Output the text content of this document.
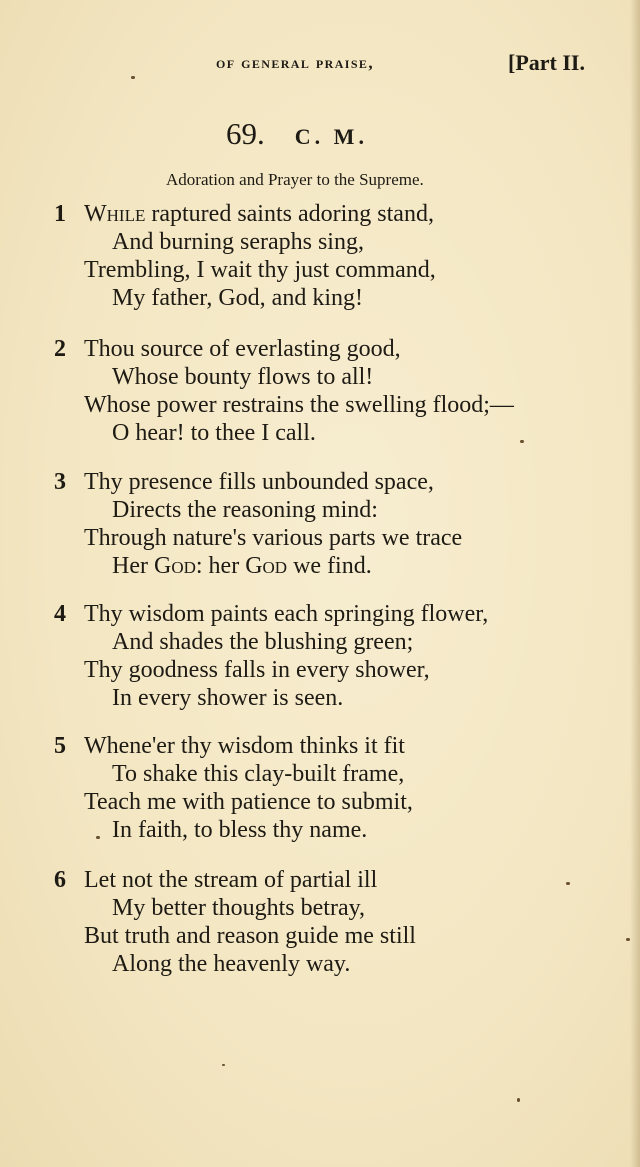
of general praise,	[Part II.
69. C. M.
Adoration and Prayer to the Supreme.
1 While raptured saints adoring stand,
And burning seraphs sing,
Trembling, I wait thy just command,
My father, God, and king!
2 Thou source of everlasting good,
Whose bounty flows to all!
Whose power restrains the swelling flood;—
O hear! to thee I call.
3 Thy presence fills unbounded space,
Directs the reasoning mind:
Through nature's various parts we trace
Her God: her God we find.
4 Thy wisdom paints each springing flower,
And shades the blushing green;
Thy goodness falls in every shower,
In every shower is seen.
5 Whene'er thy wisdom thinks it fit
To shake this clay-built frame,
Teach me with patience to submit,
In faith, to bless thy name.
6 Let not the stream of partial ill
My better thoughts betray,
But truth and reason guide me still
Along the heavenly way.
